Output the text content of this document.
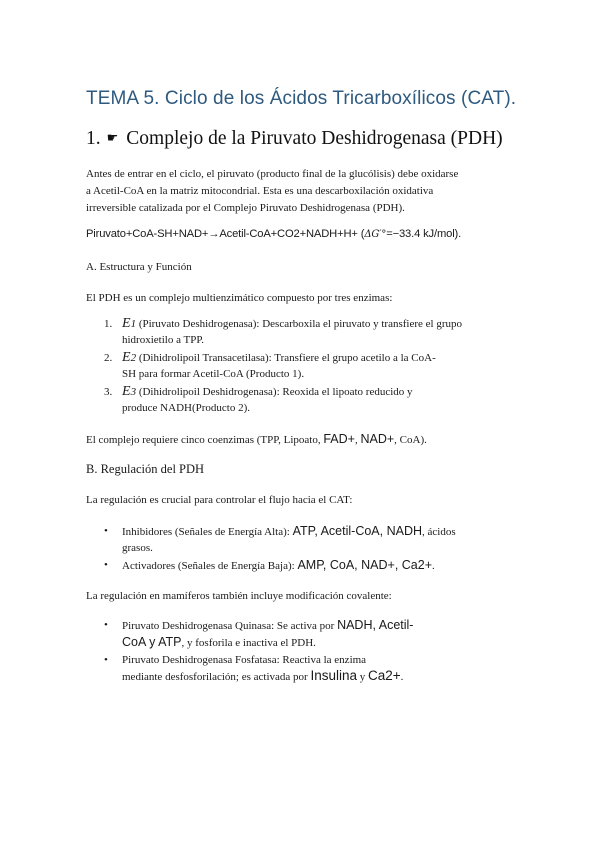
TEMA 5. Ciclo de los Ácidos Tricarboxílicos (CAT).
1. ☛ Complejo de la Piruvato Deshidrogenasa (PDH)
Antes de entrar en el ciclo, el piruvato (producto final de la glucólisis) debe oxidarse
a Acetil-CoA en la matriz mitocondrial. Esta es una descarboxilación oxidativa
irreversible catalizada por el Complejo Piruvato Deshidrogenasa (PDH).
Piruvato+CoA-SH+NAD+→Acetil-CoA+CO2+NADH+H+ (ΔG′°=−33.4 kJ/mol).
A. Estructura y Función
El PDH es un complejo multienzimático compuesto por tres enzimas:
1. E1 (Piruvato Deshidrogenasa): Descarboxila el piruvato y transfiere el grupo
hidroxietilo a TPP.
2. E2 (Dihidrolipoil Transacetilasa): Transfiere el grupo acetilo a la CoA-
SH para formar Acetil-CoA (Producto 1).
3. E3 (Dihidrolipoil Deshidrogenasa): Reoxida el lipoato reducido y
produce NADH(Producto 2).
El complejo requiere cinco coenzimas (TPP, Lipoato, FAD+, NAD+, CoA).
B. Regulación del PDH
La regulación es crucial para controlar el flujo hacia el CAT:
• Inhibidores (Señales de Energía Alta): ATP, Acetil-CoA, NADH, ácidos
grasos.
• Activadores (Señales de Energía Baja): AMP, CoA, NAD+, Ca2+.
La regulación en mamíferos también incluye modificación covalente:
• Piruvato Deshidrogenasa Quinasa: Se activa por NADH, Acetil-
CoA y ATP, y fosforila e inactiva el PDH.
• Piruvato Deshidrogenasa Fosfatasa: Reactiva la enzima
mediante desfosforilación; es activada por Insulina y Ca2+.
